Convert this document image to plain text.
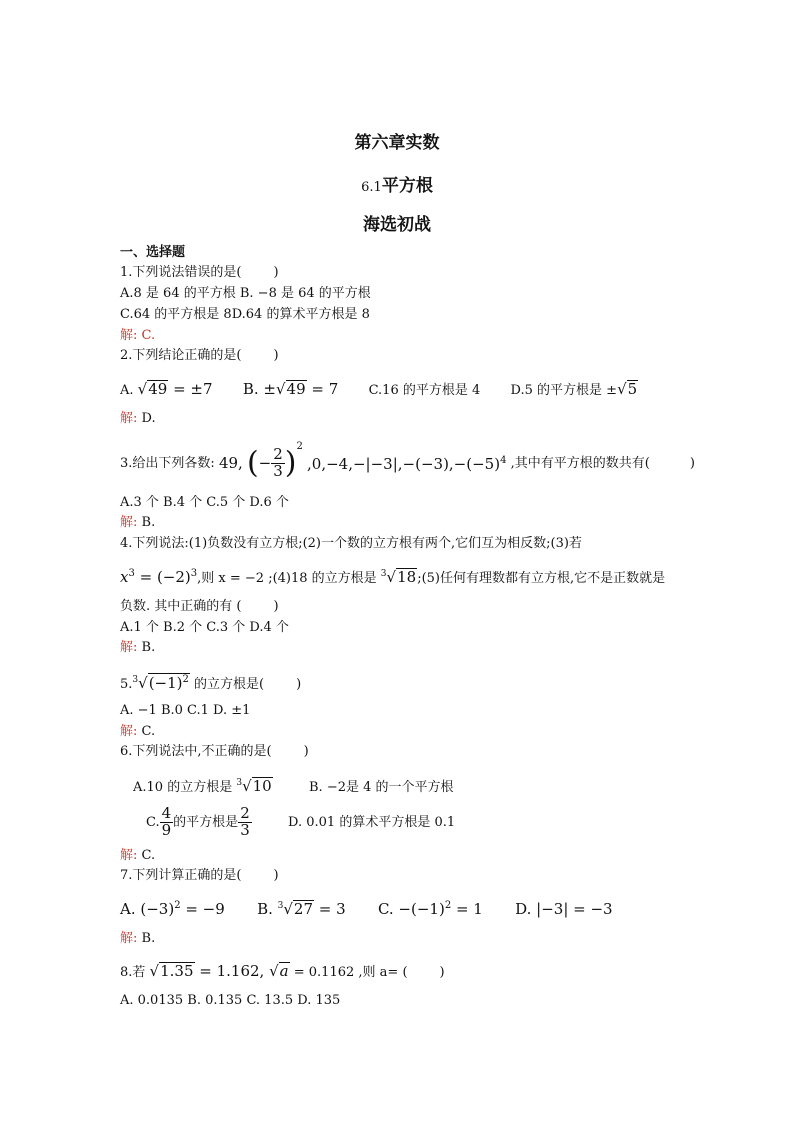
第六章实数
6.1平方根
海选初战
一、选择题
1.下列说法错误的是( )
A.8 是 64 的平方根 B. −8 是 64 的平方根
C.64 的平方根是 8D.64 的算术平方根是 8
解: C.
2.下列结论正确的是( )
A. √49 = ±7 B. ±√49 = 7 C.16 的平方根是 4 D.5 的平方根是 ±√5
解: D.
3.给出下列各数: 49, (− $\frac{2}{3} )^2$ $,0,-4,-|-3|,-(-3),-(-5)^4$ ,其中有平方根的数共有(	)
A.3 个 B.4 个 C.5 个 D.6 个
解: B.
4.下列说法:(1)负数没有立方根;(2)一个数的立方根有两个,它们互为相反数;(3)若
$x^3 = (-2)^3$,则 x = −2 ;(4)18 的立方根是 $^3$√18;(5)任何有理数都有立方根,它不是正数就是
负数. 其中正确的有 ( )
A.1 个 B.2 个 C.3 个 D.4 个
解: B.
$5.^3√(-1)^2$ 的立方根是( )
A. −1 B.0 C.1 D. ±1
解: C.
6.下列说法中,不正确的是( )
A.10 的立方根是 $^3$√10	B. −2是 4 的一个平方根
C. $\frac{4}{9}$ 的平方根是 $\frac{2}{3}$	D. 0.01 的算术平方根是 0.1
解: C.
7.下列计算正确的是( )
A. $(-3)^2 = -9$ B. $^3$√27 = 3 C. $-(-1)^2 = 1$ D. |−3| = −3
解: B.
8.若 √1.35 = 1.162, √a = 0.1162 ,则 a= ( )
A. 0.0135 B. 0.135 C. 13.5 D. 135
